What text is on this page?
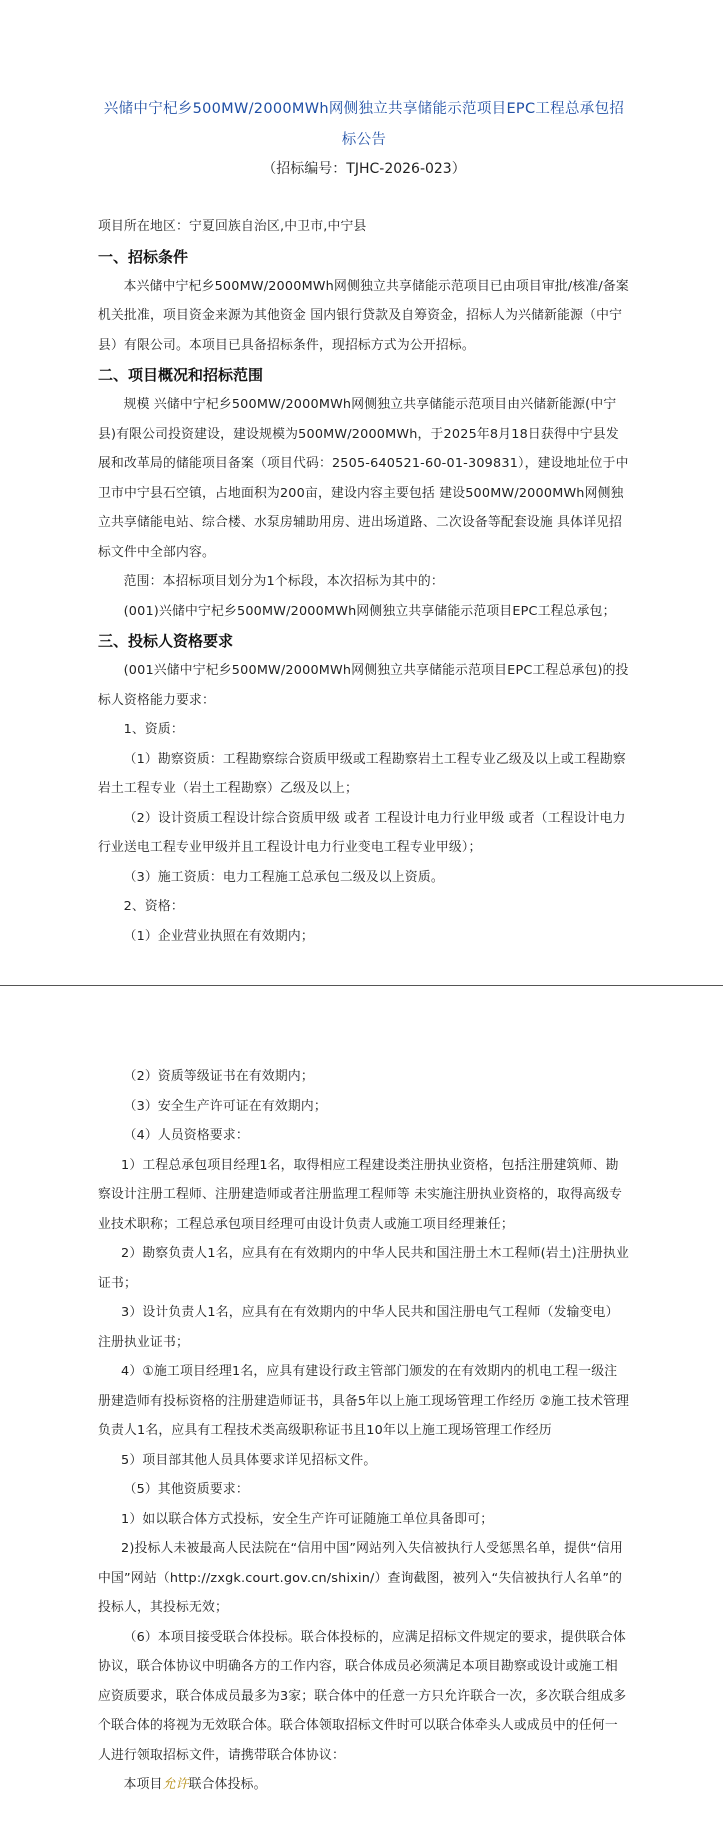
兴储中宁杞乡500MW/2000MWh网侧独立共享储能示范项目EPC工程总承包招标公告
（招标编号：TJHC-2026-023）

项目所在地区：宁夏回族自治区,中卫市,中宁县

一、招标条件

本兴储中宁杞乡500MW/2000MWh网侧独立共享储能示范项目已由项目审批/核准/备案机关批准，项目资金来源为其他资金 国内银行贷款及自筹资金，招标人为兴储新能源（中宁县）有限公司。本项目已具备招标条件，现招标方式为公开招标。

二、项目概况和招标范围

规模 兴储中宁杞乡500MW/2000MWh网侧独立共享储能示范项目由兴储新能源(中宁县)有限公司投资建设，建设规模为500MW/2000MWh，于2025年8月18日获得中宁县发展和改革局的储能项目备案（项目代码：2505-640521-60-01-309831），建设地址位于中卫市中宁县石空镇，占地面积为200亩，建设内容主要包括 建设500MW/2000MWh网侧独立共享储能电站、综合楼、水泵房辅助用房、进出场道路、二次设备等配套设施 具体详见招标文件中全部内容。

范围：本招标项目划分为1个标段，本次招标为其中的：

(001)兴储中宁杞乡500MW/2000MWh网侧独立共享储能示范项目EPC工程总承包；

三、投标人资格要求

(001兴储中宁杞乡500MW/2000MWh网侧独立共享储能示范项目EPC工程总承包)的投标人资格能力要求：

1、资质：

（1）勘察资质：工程勘察综合资质甲级或工程勘察岩土工程专业乙级及以上或工程勘察岩土工程专业（岩土工程勘察）乙级及以上；

（2）设计资质工程设计综合资质甲级 或者 工程设计电力行业甲级 或者（工程设计电力行业送电工程专业甲级并且工程设计电力行业变电工程专业甲级）；

（3）施工资质：电力工程施工总承包二级及以上资质。

2、资格：

（1）企业营业执照在有效期内；

（2）资质等级证书在有效期内；

（3）安全生产许可证在有效期内；

（4）人员资格要求：

1）工程总承包项目经理1名，取得相应工程建设类注册执业资格，包括注册建筑师、勘察设计注册工程师、注册建造师或者注册监理工程师等 未实施注册执业资格的，取得高级专业技术职称；工程总承包项目经理可由设计负责人或施工项目经理兼任；

2）勘察负责人1名，应具有在有效期内的中华人民共和国注册土木工程师(岩土)注册执业证书；

3）设计负责人1名，应具有在有效期内的中华人民共和国注册电气工程师（发输变电）注册执业证书；

4）①施工项目经理1名，应具有建设行政主管部门颁发的在有效期内的机电工程一级注册建造师有投标资格的注册建造师证书，具备5年以上施工现场管理工作经历 ②施工技术管理负责人1名，应具有工程技术类高级职称证书且10年以上施工现场管理工作经历

5）项目部其他人员具体要求详见招标文件。

（5）其他资质要求：

1）如以联合体方式投标，安全生产许可证随施工单位具备即可；

2)投标人未被最高人民法院在“信用中国”网站列入失信被执行人受惩黑名单，提供“信用中国”网站（http://zxgk.court.gov.cn/shixin/）查询截图，被列入“失信被执行人名单”的投标人，其投标无效；

（6）本项目接受联合体投标。联合体投标的，应满足招标文件规定的要求，提供联合体协议，联合体协议中明确各方的工作内容，联合体成员必须满足本项目勘察或设计或施工相应资质要求，联合体成员最多为3家；联合体中的任意一方只允许联合一次，多次联合组成多个联合体的将视为无效联合体。联合体领取招标文件时可以联合体牵头人或成员中的任何一人进行领取招标文件，请携带联合体协议：

本项目允许联合体投标。
